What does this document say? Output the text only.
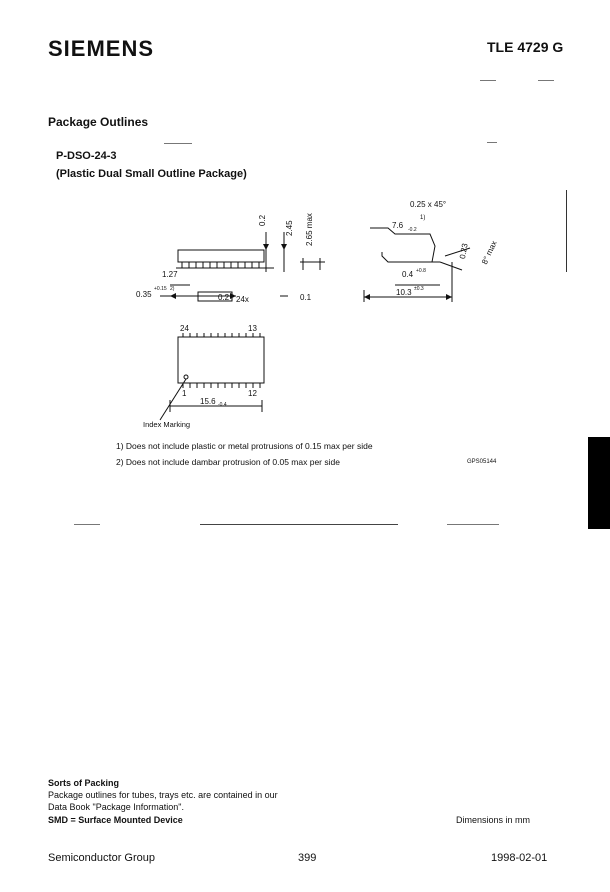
SIEMENS	TLE 4729 G
Package Outlines
P-DSO-24-3
(Plastic Dual Small Outline Package)
0.25 x 45°
7.6 -0.2
1)
0.2 2.45 2.65 max
0.23 8° max
1.27
0.35
+0.15 2)
0.2 24x	0.1
0.4 +0.8
10.3 ±0.3
24	13
1	12
15.6 -0.4
Index Marking
1) Does not include plastic or metal protrusions of 0.15 max per side
2) Does not include dambar protrusion of 0.05 max per side	GPS05144
Sorts of Packing
Package outlines for tubes, trays etc. are contained in our
Data Book "Package Information".
SMD = Surface Mounted Device	Dimensions in mm
Semiconductor Group	399	1998-02-01
